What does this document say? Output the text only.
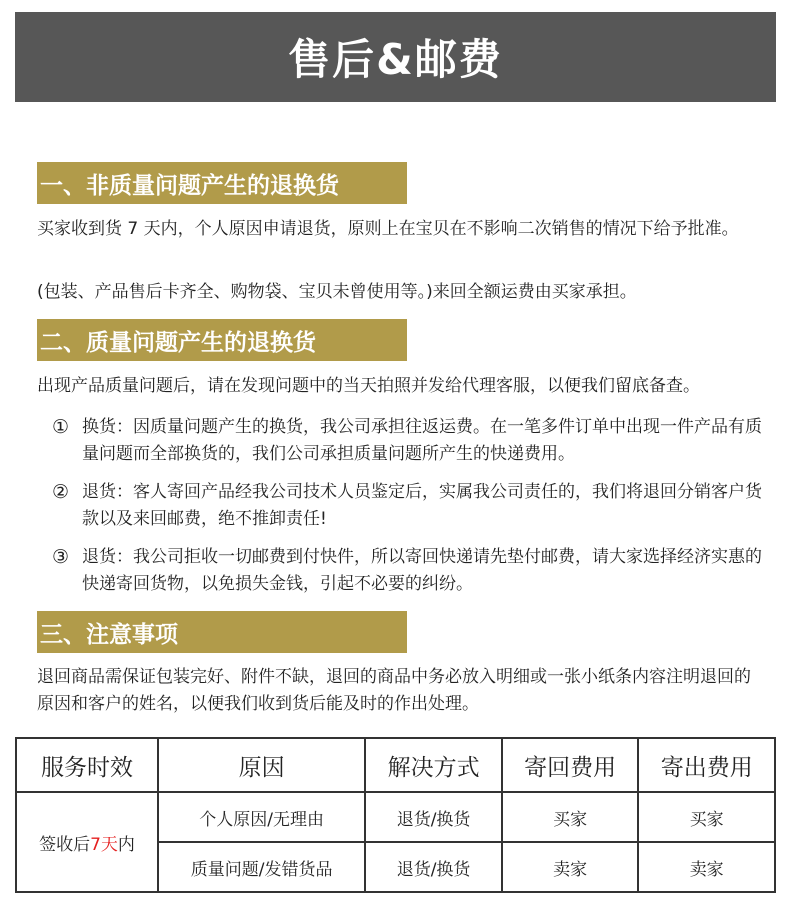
售后&邮费
一、非质量问题产生的退换货

买家收到货 7 天内，个人原因申请退货，原则上在宝贝在不影响二次销售的情况下给予批准。

(包装、产品售后卡齐全、购物袋、宝贝未曾使用等。)来回全额运费由买家承担。

二、质量问题产生的退换货

出现产品质量问题后，请在发现问题中的当天拍照并发给代理客服，以便我们留底备查。

① 换货：因质量问题产生的换货，我公司承担往返运费。在一笔多件订单中出现一件产品有质量问题而全部换货的，我们公司承担质量问题所产生的快递费用。
② 退货：客人寄回产品经我公司技术人员鉴定后，实属我公司责任的，我们将退回分销客户货款以及来回邮费，绝不推卸责任!
③ 退货：我公司拒收一切邮费到付快件，所以寄回快递请先垫付邮费，请大家选择经济实惠的快递寄回货物，以免损失金钱，引起不必要的纠纷。
三、注意事项

退回商品需保证包装完好、附件不缺，退回的商品中务必放入明细或一张小纸条内容注明退回的原因和客户的姓名，以便我们收到货后能及时的作出处理。

服务时效	原因	解决方式	寄回费用	寄出费用
签收后7天内	个人原因/无理由	退货/换货	买家	买家
	质量问题/发错货品	退货/换货	卖家	卖家
